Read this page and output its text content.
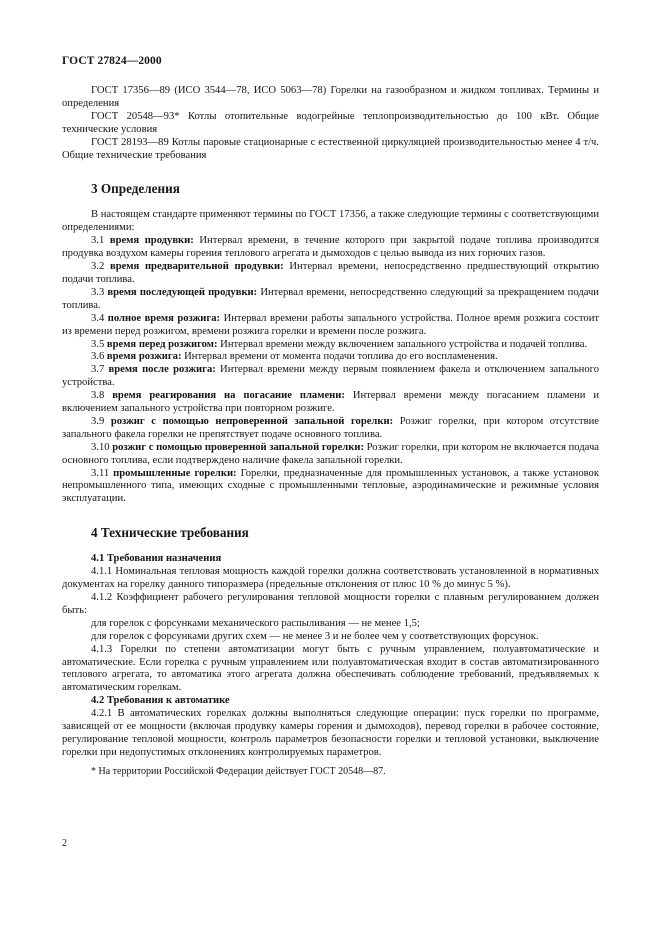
ГОСТ 27824—2000

ГОСТ 17356—89 (ИСО 3544—78, ИСО 5063—78) Горелки на газообразном и жидком топливах. Термины и определения

ГОСТ 20548—93* Котлы отопительные водогрейные теплопроизводительностью до 100 кВт. Общие технические условия

ГОСТ 28193—89 Котлы паровые стационарные с естественной циркуляцией производительностью менее 4 т/ч. Общие технические требования

3 Определения

В настоящем стандарте применяют термины по ГОСТ 17356, а также следующие термины с соответствующими определениями:

3.1 время продувки: Интервал времени, в течение которого при закрытой подаче топлива производится продувка воздухом камеры горения теплового агрегата и дымоходов с целью вывода из них горючих газов.

3.2 время предварительной продувки: Интервал времени, непосредственно предшествующий открытию подачи топлива.

3.3 время последующей продувки: Интервал времени, непосредственно следующий за прекращением подачи топлива.

3.4 полное время розжига: Интервал времени работы запального устройства. Полное время розжига состоит из времени перед розжигом, времени розжига горелки и времени после розжига.

3.5 время перед розжигом: Интервал времени между включением запального устройства и подачей топлива.

3.6 время розжига: Интервал времени от момента подачи топлива до его воспламенения.

3.7 время после розжига: Интервал времени между первым появлением факела и отключением запального устройства.

3.8 время реагирования на погасание пламени: Интервал времени между погасанием пламени и включением запального устройства при повторном розжиге.

3.9 розжиг с помощью непроверенной запальной горелки: Розжиг горелки, при котором отсутствие запального факела горелки не препятствует подаче основного топлива.

3.10 розжиг с помощью проверенной запальной горелки: Розжиг горелки, при котором не включается подача основного топлива, если подтверждено наличие факела запальной горелки.

3.11 промышленные горелки: Горелки, предназначенные для промышленных установок, а также установок непромышленного типа, имеющих сходные с промышленными тепловые, аэродинамические и режимные условия эксплуатации.

4 Технические требования
4.1 Требования назначения

4.1.1 Номинальная тепловая мощность каждой горелки должна соответствовать установленной в нормативных документах на горелку данного типоразмера (предельные отклонения от плюс 10 % до минус 5 %).

4.1.2 Коэффициент рабочего регулирования тепловой мощности горелки с плавным регулированием должен быть:

для горелок с форсунками механического распыливания — не менее 1,5;

для горелок с форсунками других схем — не менее 3 и не более чем у соответствующих форсунок.

4.1.3 Горелки по степени автоматизации могут быть с ручным управлением, полуавтоматические и автоматические. Если горелка с ручным управлением или полуавтоматическая входит в состав автоматизированного теплового агрегата, то автоматика этого агрегата должна обеспечивать соблюдение требований, предъявляемых к автоматическим горелкам.

4.2 Требования к автоматике

4.2.1 В автоматических горелках должны выполняться следующие операции: пуск горелки по программе, зависящей от ее мощности (включая продувку камеры горения и дымоходов), перевод горелки в рабочее состояние, регулирование тепловой мощности, контроль параметров безопасности горелки и тепловой установки, выключение горелки при недопустимых отклонениях контролируемых параметров.

* На территории Российской Федерации действует ГОСТ 20548—87.

2
